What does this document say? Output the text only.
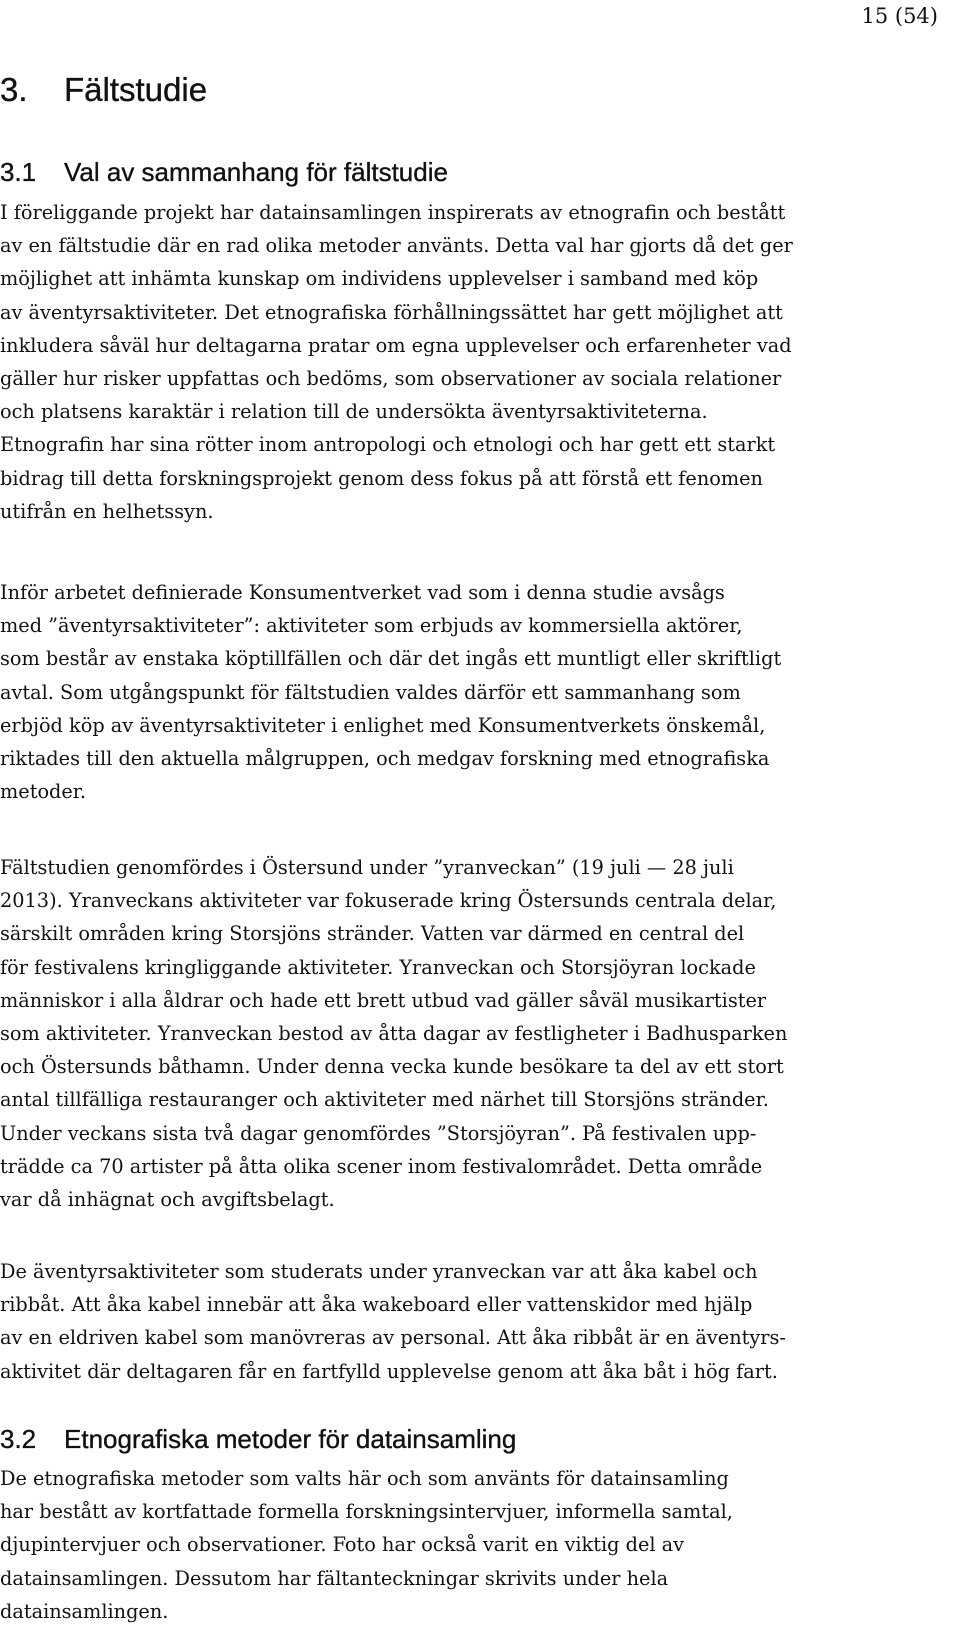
15 (54)
3. Fältstudie
3.1 Val av sammanhang för fältstudie

I föreliggande projekt har datainsamlingen inspirerats av etnografin och bestått
av en fältstudie där en rad olika metoder använts. Detta val har gjorts då det ger
möjlighet att inhämta kunskap om individens upplevelser i samband med köp
av äventyrsaktiviteter. Det etnografiska förhållningssättet har gett möjlighet att
inkludera såväl hur deltagarna pratar om egna upplevelser och erfarenheter vad
gäller hur risker uppfattas och bedöms, som observationer av sociala relationer
och platsens karaktär i relation till de undersökta äventyrsaktiviteterna.
Etnografin har sina rötter inom antropologi och etnologi och har gett ett starkt
bidrag till detta forskningsprojekt genom dess fokus på att förstå ett fenomen
utifrån en helhetssyn.

Inför arbetet definierade Konsumentverket vad som i denna studie avsågs
med ”äventyrsaktiviteter”: aktiviteter som erbjuds av kommersiella aktörer,
som består av enstaka köptillfällen och där det ingås ett muntligt eller skriftligt
avtal. Som utgångspunkt för fältstudien valdes därför ett sammanhang som
erbjöd köp av äventyrsaktiviteter i enlighet med Konsumentverkets önskemål,
riktades till den aktuella målgruppen, och medgav forskning med etnografiska
metoder.

Fältstudien genomfördes i Östersund under ”yranveckan” (19 juli — 28 juli
2013). Yranveckans aktiviteter var fokuserade kring Östersunds centrala delar,
särskilt områden kring Storsjöns stränder. Vatten var därmed en central del
för festivalens kringliggande aktiviteter. Yranveckan och Storsjöyran lockade
människor i alla åldrar och hade ett brett utbud vad gäller såväl musikartister
som aktiviteter. Yranveckan bestod av åtta dagar av festligheter i Badhusparken
och Östersunds båthamn. Under denna vecka kunde besökare ta del av ett stort
antal tillfälliga restauranger och aktiviteter med närhet till Storsjöns stränder.
Under veckans sista två dagar genomfördes ”Storsjöyran”. På festivalen upp-
trädde ca 70 artister på åtta olika scener inom festivalområdet. Detta område
var då inhägnat och avgiftsbelagt.

De äventyrsaktiviteter som studerats under yranveckan var att åka kabel och
ribbåt. Att åka kabel innebär att åka wakeboard eller vattenskidor med hjälp
av en eldriven kabel som manövreras av personal. Att åka ribbåt är en äventyrs-
aktivitet där deltagaren får en fartfylld upplevelse genom att åka båt i hög fart.

3.2 Etnografiska metoder för datainsamling

De etnografiska metoder som valts här och som använts för datainsamling
har bestått av kortfattade formella forskningsintervjuer, informella samtal,
djupintervjuer och observationer. Foto har också varit en viktig del av
datainsamlingen. Dessutom har fältanteckningar skrivits under hela
datainsamlingen.
